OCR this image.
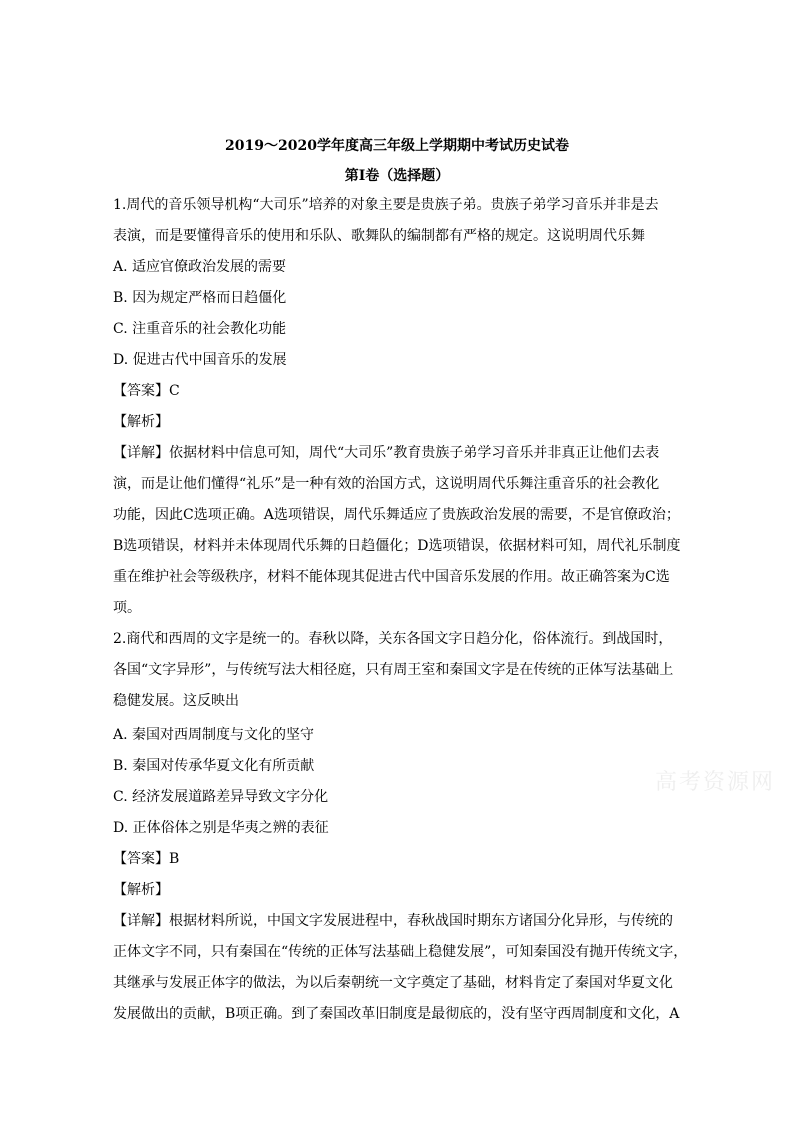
2019～2020学年度高三年级上学期期中考试历史试卷
第Ⅰ卷（选择题）
1.周代的音乐领导机构“大司乐”培养的对象主要是贵族子弟。贵族子弟学习音乐并非是去
表演，而是要懂得音乐的使用和乐队、歌舞队的编制都有严格的规定。这说明周代乐舞
A. 适应官僚政治发展的需要
B. 因为规定严格而日趋僵化
C. 注重音乐的社会教化功能
D. 促进古代中国音乐的发展
【答案】C
【解析】
【详解】依据材料中信息可知，周代“大司乐”教育贵族子弟学习音乐并非真正让他们去表
演，而是让他们懂得“礼乐”是一种有效的治国方式，这说明周代乐舞注重音乐的社会教化
功能，因此C选项正确。A选项错误，周代乐舞适应了贵族政治发展的需要，不是官僚政治；
B选项错误，材料并未体现周代乐舞的日趋僵化；D选项错误，依据材料可知，周代礼乐制度
重在维护社会等级秩序，材料不能体现其促进古代中国音乐发展的作用。故正确答案为C选
项。
2.商代和西周的文字是统一的。春秋以降，关东各国文字日趋分化，俗体流行。到战国时，
各国“文字异形”，与传统写法大相径庭，只有周王室和秦国文字是在传统的正体写法基础上
稳健发展。这反映出
A. 秦国对西周制度与文化的坚守
B. 秦国对传承华夏文化有所贡献
C. 经济发展道路差异导致文字分化
D. 正体俗体之别是华夷之辨的表征
【答案】B
【解析】
【详解】根据材料所说，中国文字发展进程中，春秋战国时期东方诸国分化异形，与传统的
正体文字不同，只有秦国在“传统的正体写法基础上稳健发展”，可知秦国没有抛开传统文字，
其继承与发展正体字的做法，为以后秦朝统一文字奠定了基础，材料肯定了秦国对华夏文化
发展做出的贡献，B项正确。到了秦国改革旧制度是最彻底的，没有坚守西周制度和文化，A
高考资源网
